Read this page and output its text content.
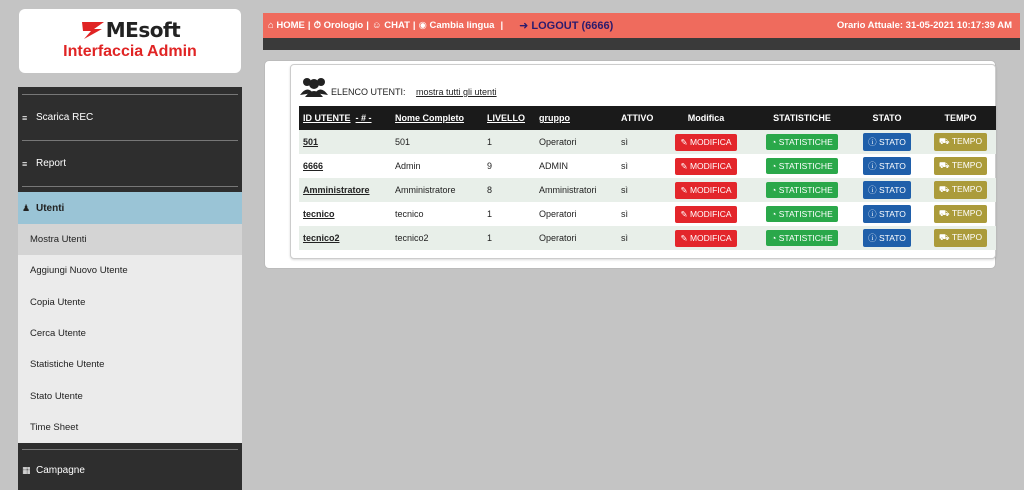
MEsoft
Interfaccia Admin
≡ Scarica REC
≡ Report
♟ Utenti
Mostra Utenti
Aggiungi Nuovo Utente
Copia Utente
Cerca Utente
Statistiche Utente
Stato Utente
Time Sheet
▦ Campagne
⌂ HOME | ⏱ Orologio | ☺ CHAT | ◉ Cambia lingua | ➜ LOGOUT (6666)	Orario Attuale: 31-05-2021 10:17:39 AM
ELENCO UTENTI: mostra tutti gli utenti
ID UTENTE - # -	Nome Completo	LIVELLO	gruppo	ATTIVO	Modifica	STATISTICHE	STATO	TEMPO
501	501	1	Operatori	sì	✎ MODIFICA	◔ STATISTICHE	ⓘ STATO	⛟ TEMPO
6666	Admin	9	ADMIN	sì	✎ MODIFICA	◔ STATISTICHE	ⓘ STATO	⛟ TEMPO
Amministratore	Amministratore	8	Amministratori	sì	✎ MODIFICA	◔ STATISTICHE	ⓘ STATO	⛟ TEMPO
tecnico	tecnico	1	Operatori	sì	✎ MODIFICA	◔ STATISTICHE	ⓘ STATO	⛟ TEMPO
tecnico2	tecnico2	1	Operatori	sì	✎ MODIFICA	◔ STATISTICHE	ⓘ STATO	⛟ TEMPO
